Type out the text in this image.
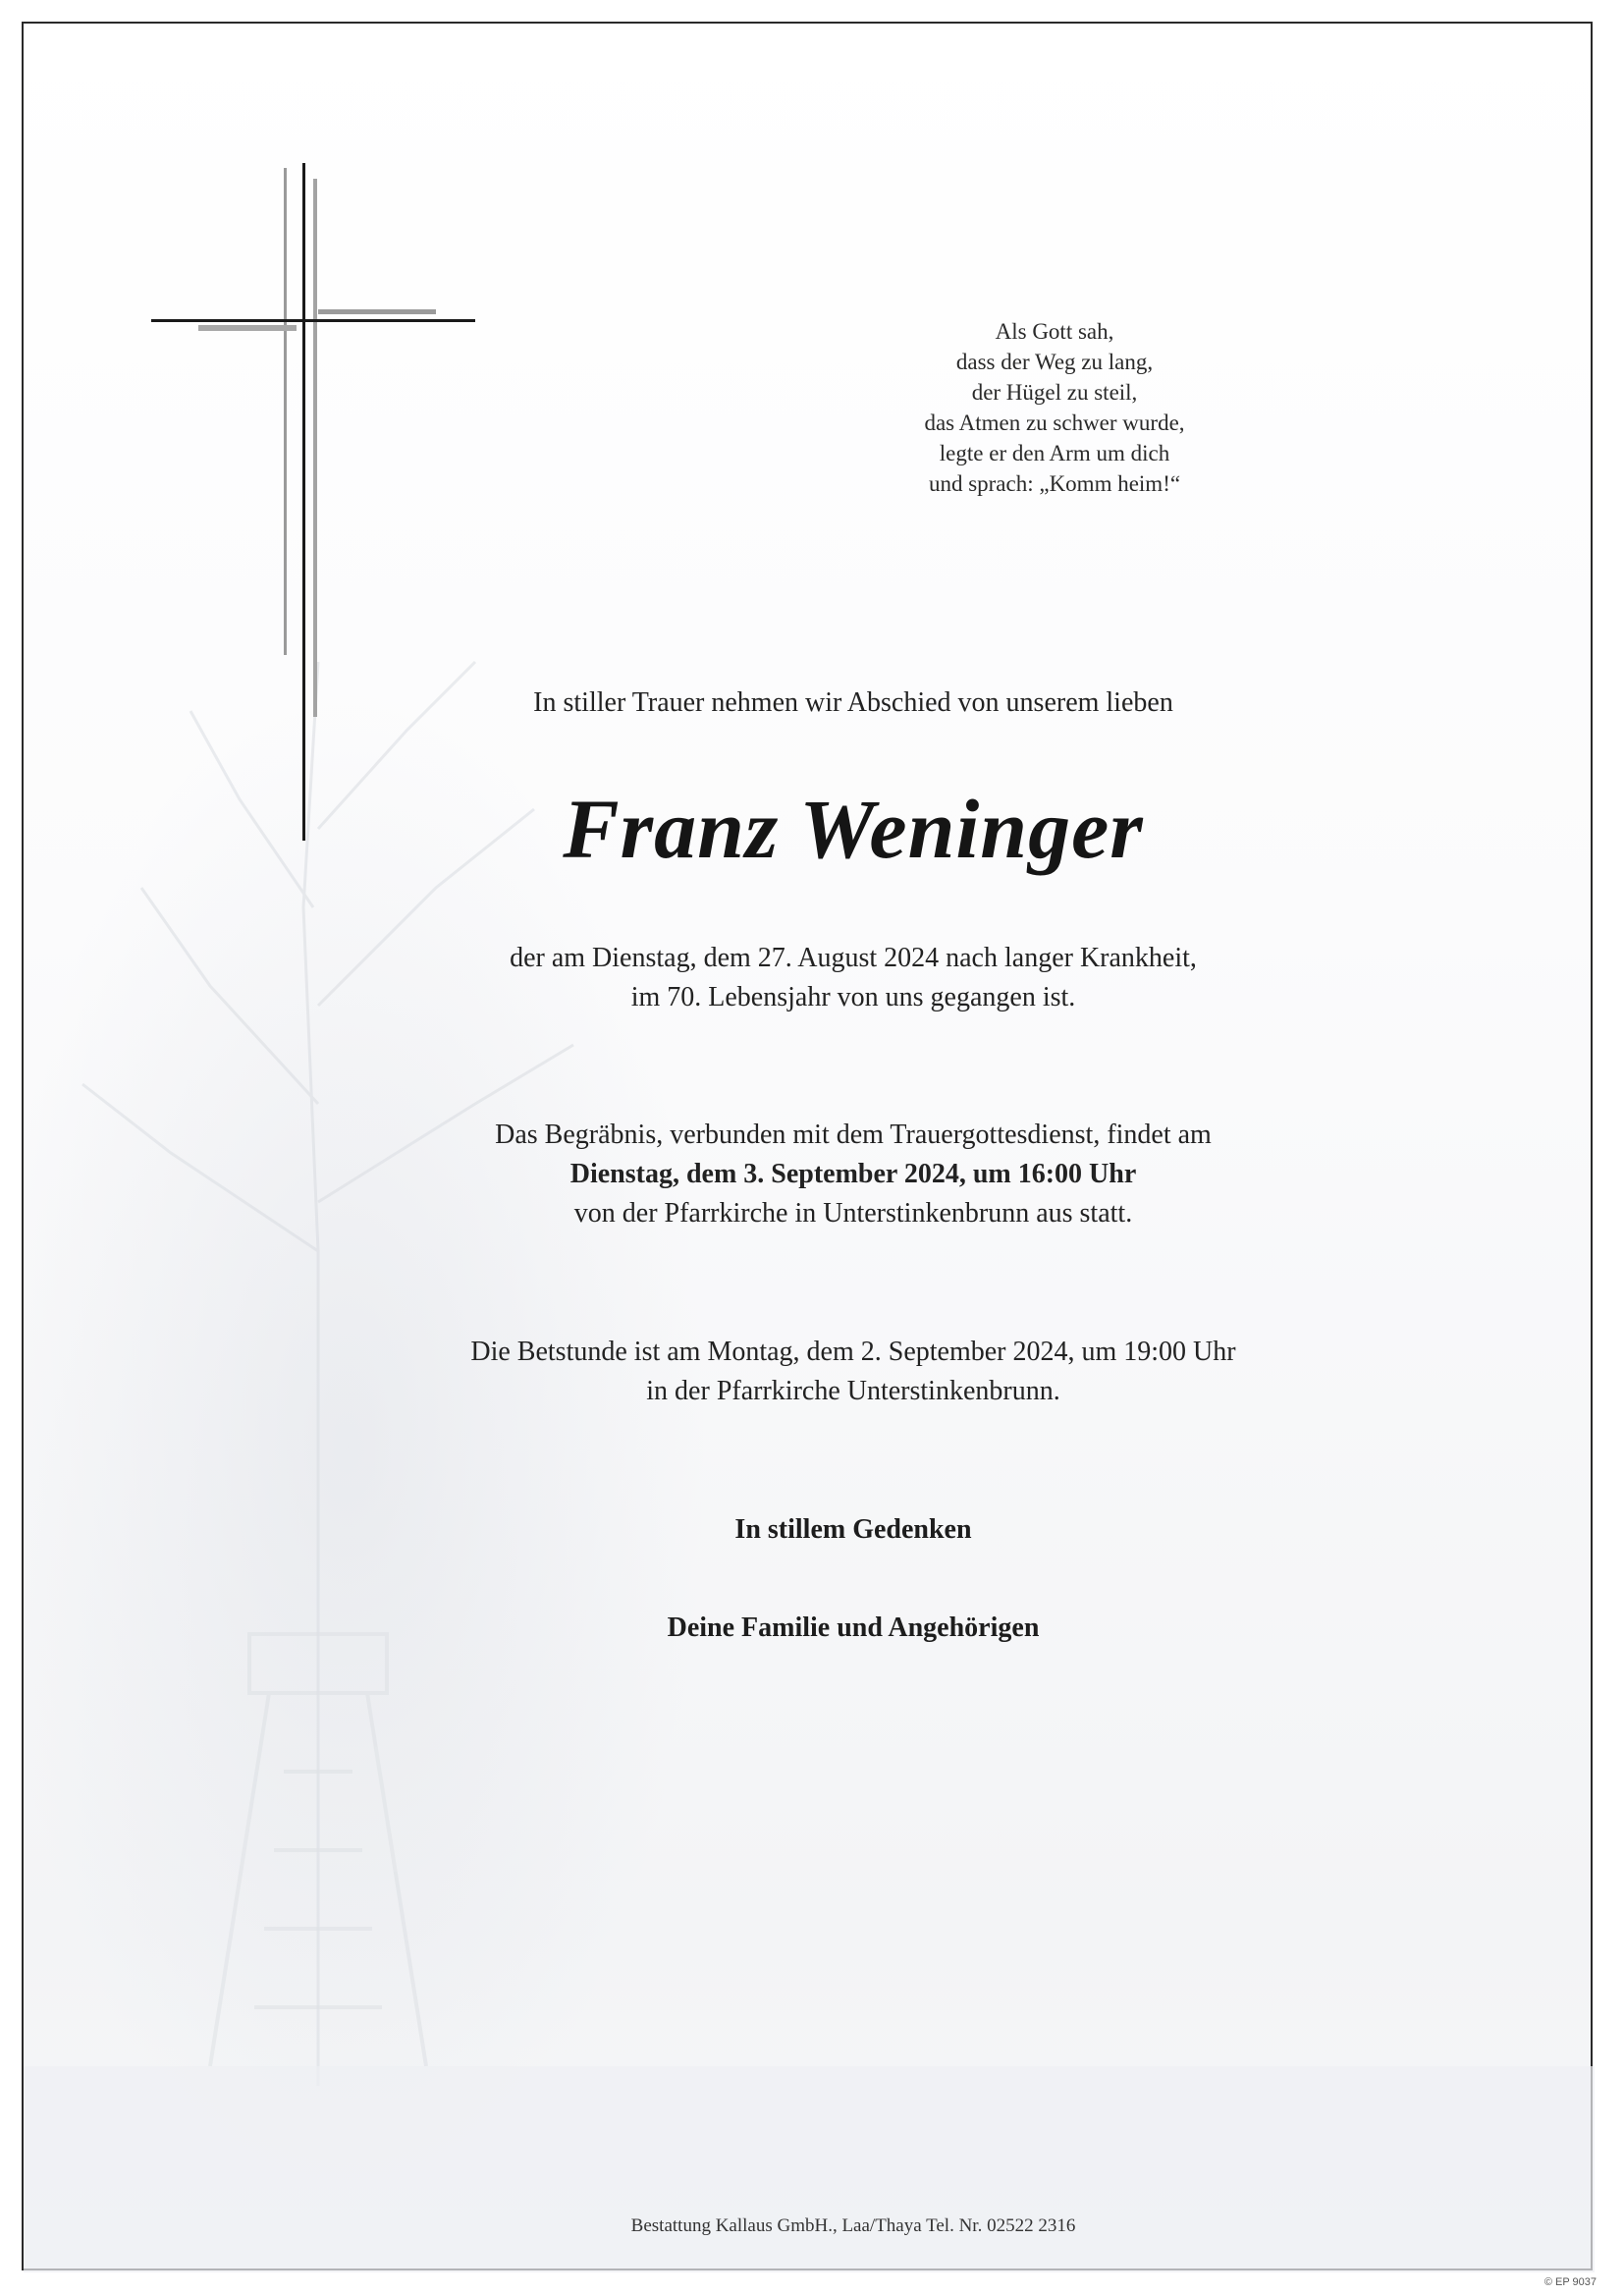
Als Gott sah,
dass der Weg zu lang,
der Hügel zu steil,
das Atmen zu schwer wurde,
legte er den Arm um dich
und sprach: „Komm heim!“
In stiller Trauer nehmen wir Abschied von unserem lieben
Franz Weninger
der am Dienstag, dem 27. August 2024 nach langer Krankheit,
im 70. Lebensjahr von uns gegangen ist.
Das Begräbnis, verbunden mit dem Trauergottesdienst, findet am
Dienstag, dem 3. September 2024, um 16:00 Uhr
von der Pfarrkirche in Unterstinkenbrunn aus statt.
Die Betstunde ist am Montag, dem 2. September 2024, um 19:00 Uhr
in der Pfarrkirche Unterstinkenbrunn.
In stillem Gedenken
Deine Familie und Angehörigen
Bestattung Kallaus GmbH., Laa/Thaya Tel. Nr. 02522 2316
© EP 9037
